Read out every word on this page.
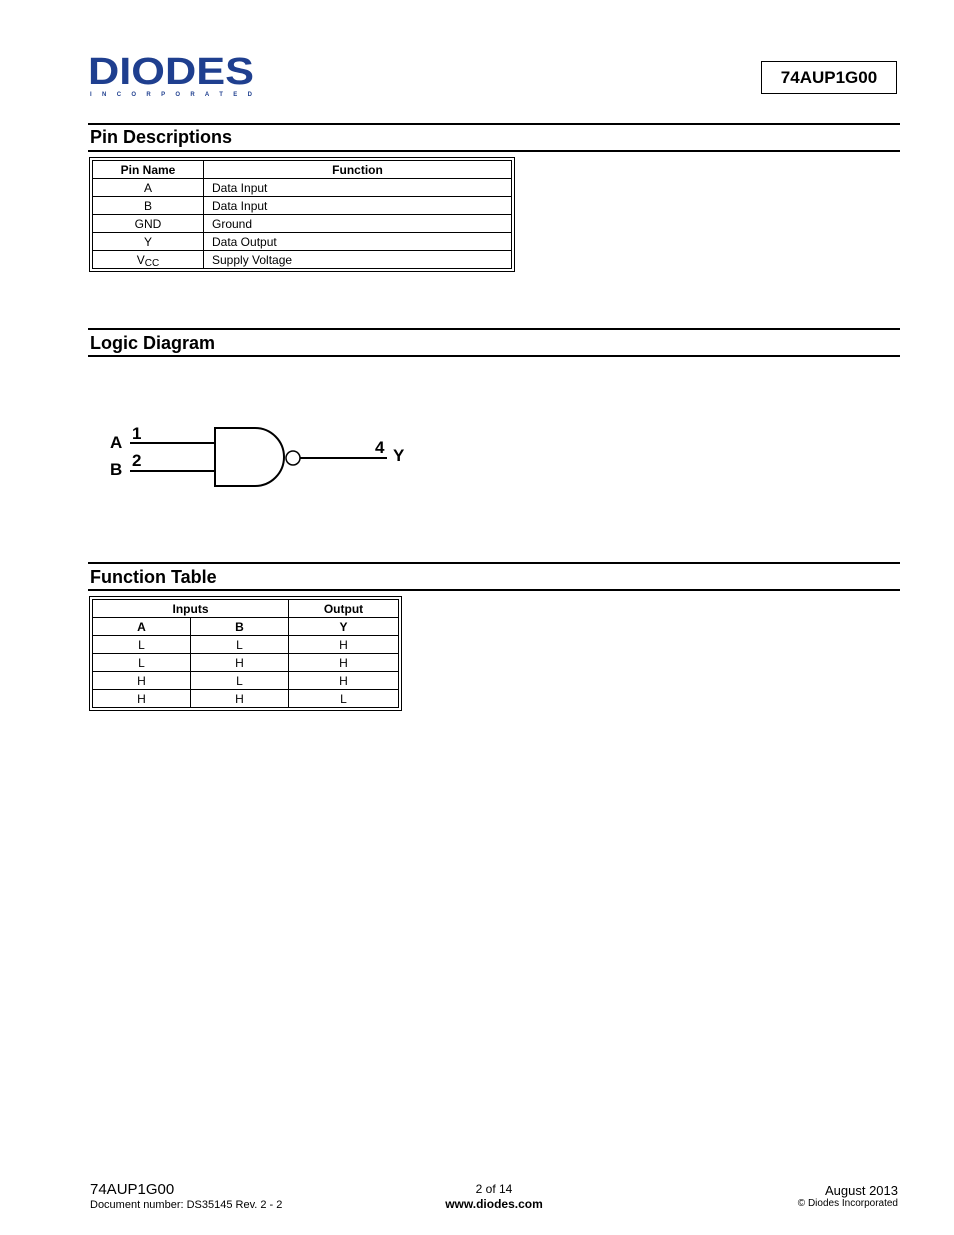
DIODES
I N C O R P O R A T E D
74AUP1G00
Pin Descriptions
Pin Name	Function
A	Data Input
B	Data Input
GND	Ground
Y	Data Output
$V_{CC}$	Supply Voltage
Logic Diagram
A
B
1
2
4 Y
Function Table
Inputs		Output
A	B	Y
L	L	H
L	H	H
H	L	H
H	H	L
74AUP1G00
Document number: DS35145 Rev. 2 - 2
2 of 14
www.diodes.com
August 2013
© Diodes Incorporated
